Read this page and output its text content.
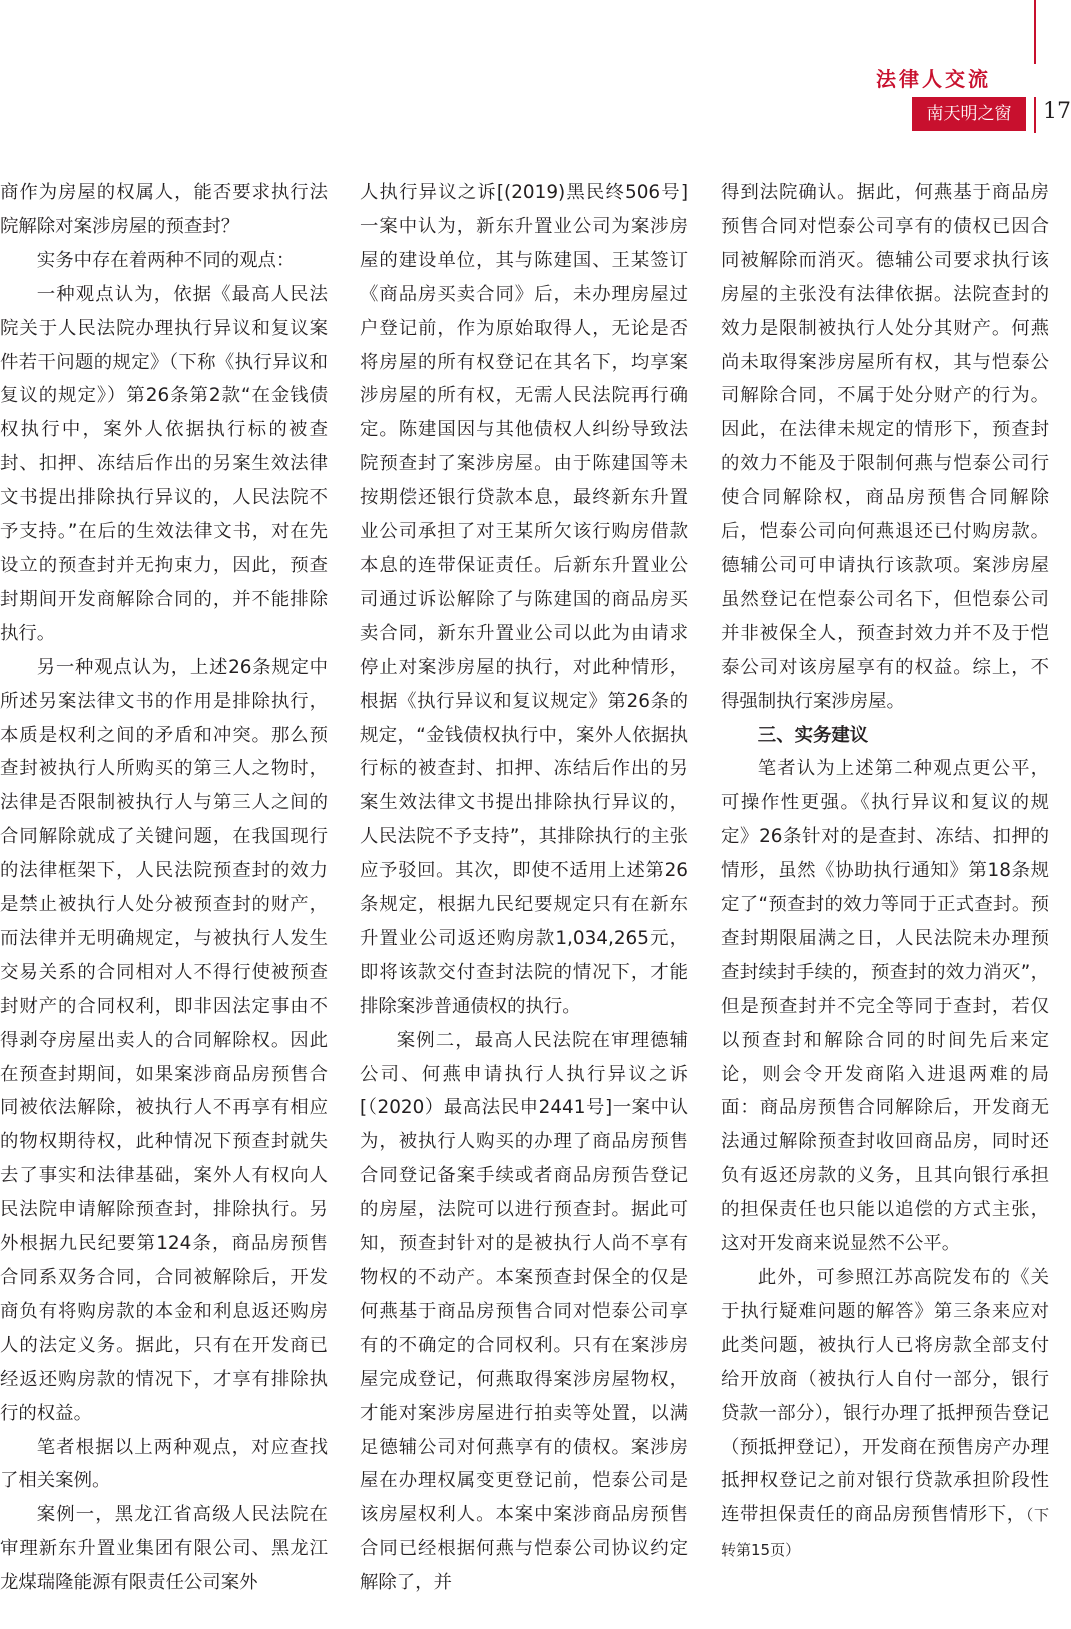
法律人交流
南天明之窗	17

商作为房屋的权属人，能否要求执行法院解除对案涉房屋的预查封？

实务中存在着两种不同的观点：

一种观点认为，依据《最高人民法院关于人民法院办理执行异议和复议案件若干问题的规定》（下称《执行异议和复议的规定》）第26条第2款“在金钱债权执行中，案外人依据执行标的被查封、扣押、冻结后作出的另案生效法律文书提出排除执行异议的，人民法院不予支持。”在后的生效法律文书，对在先设立的预查封并无拘束力，因此，预查封期间开发商解除合同的，并不能排除执行。

另一种观点认为，上述26条规定中所述另案法律文书的作用是排除执行，本质是权利之间的矛盾和冲突。那么预查封被执行人所购买的第三人之物时，法律是否限制被执行人与第三人之间的合同解除就成了关键问题，在我国现行的法律框架下，人民法院预查封的效力是禁止被执行人处分被预查封的财产，而法律并无明确规定，与被执行人发生交易关系的合同相对人不得行使被预查封财产的合同权利，即非因法定事由不得剥夺房屋出卖人的合同解除权。因此在预查封期间，如果案涉商品房预售合同被依法解除，被执行人不再享有相应的物权期待权，此种情况下预查封就失去了事实和法律基础，案外人有权向人民法院申请解除预查封，排除执行。另外根据九民纪要第124条，商品房预售合同系双务合同，合同被解除后，开发商负有将购房款的本金和利息返还购房人的法定义务。据此，只有在开发商已经返还购房款的情况下，才享有排除执行的权益。

笔者根据以上两种观点，对应查找了相关案例。

案例一，黑龙江省高级人民法院在审理新东升置业集团有限公司、黑龙江龙煤瑞隆能源有限责任公司案外

人执行异议之诉[(2019)黑民终506号]一案中认为，新东升置业公司为案涉房屋的建设单位，其与陈建国、王某签订《商品房买卖合同》后，未办理房屋过户登记前，作为原始取得人，无论是否将房屋的所有权登记在其名下，均享案涉房屋的所有权，无需人民法院再行确定。陈建国因与其他债权人纠纷导致法院预查封了案涉房屋。由于陈建国等未按期偿还银行贷款本息，最终新东升置业公司承担了对王某所欠该行购房借款本息的连带保证责任。后新东升置业公司通过诉讼解除了与陈建国的商品房买卖合同，新东升置业公司以此为由请求停止对案涉房屋的执行，对此种情形，根据《执行异议和复议规定》第26条的规定，“金钱债权执行中，案外人依据执行标的被查封、扣押、冻结后作出的另案生效法律文书提出排除执行异议的，人民法院不予支持”，其排除执行的主张应予驳回。其次，即使不适用上述第26条规定，根据九民纪要规定只有在新东升置业公司返还购房款1,034,265元，即将该款交付查封法院的情况下，才能排除案涉普通债权的执行。

案例二，最高人民法院在审理德辅公司、何燕申请执行人执行异议之诉[（2020）最高法民申2441号]一案中认为，被执行人购买的办理了商品房预售合同登记备案手续或者商品房预告登记的房屋，法院可以进行预查封。据此可知，预查封针对的是被执行人尚不享有物权的不动产。本案预查封保全的仅是何燕基于商品房预售合同对恺泰公司享有的不确定的合同权利。只有在案涉房屋完成登记，何燕取得案涉房屋物权，才能对案涉房屋进行拍卖等处置，以满足德辅公司对何燕享有的债权。案涉房屋在办理权属变更登记前，恺泰公司是该房屋权利人。本案中案涉商品房预售合同已经根据何燕与恺泰公司协议约定解除了，并

得到法院确认。据此，何燕基于商品房预售合同对恺泰公司享有的债权已因合同被解除而消灭。德辅公司要求执行该房屋的主张没有法律依据。法院查封的效力是限制被执行人处分其财产。何燕尚未取得案涉房屋所有权，其与恺泰公司解除合同，不属于处分财产的行为。因此，在法律未规定的情形下，预查封的效力不能及于限制何燕与恺泰公司行使合同解除权，商品房预售合同解除后，恺泰公司向何燕退还已付购房款。德辅公司可申请执行该款项。案涉房屋虽然登记在恺泰公司名下，但恺泰公司并非被保全人，预查封效力并不及于恺泰公司对该房屋享有的权益。综上，不得强制执行案涉房屋。

三、实务建议

笔者认为上述第二种观点更公平，可操作性更强。《执行异议和复议的规定》26条针对的是查封、冻结、扣押的情形，虽然《协助执行通知》第18条规定了“预查封的效力等同于正式查封。预查封期限届满之日，人民法院未办理预查封续封手续的，预查封的效力消灭”，但是预查封并不完全等同于查封，若仅以预查封和解除合同的时间先后来定论，则会令开发商陷入进退两难的局面：商品房预售合同解除后，开发商无法通过解除预查封收回商品房，同时还负有返还房款的义务，且其向银行承担的担保责任也只能以追偿的方式主张，这对开发商来说显然不公平。

此外，可参照江苏高院发布的《关于执行疑难问题的解答》第三条来应对此类问题，被执行人已将房款全部支付给开放商（被执行人自付一部分，银行贷款一部分），银行办理了抵押预告登记（预抵押登记），开发商在预售房产办理抵押权登记之前对银行贷款承担阶段性连带担保责任的商品房预售情形下，（下转第15页）
